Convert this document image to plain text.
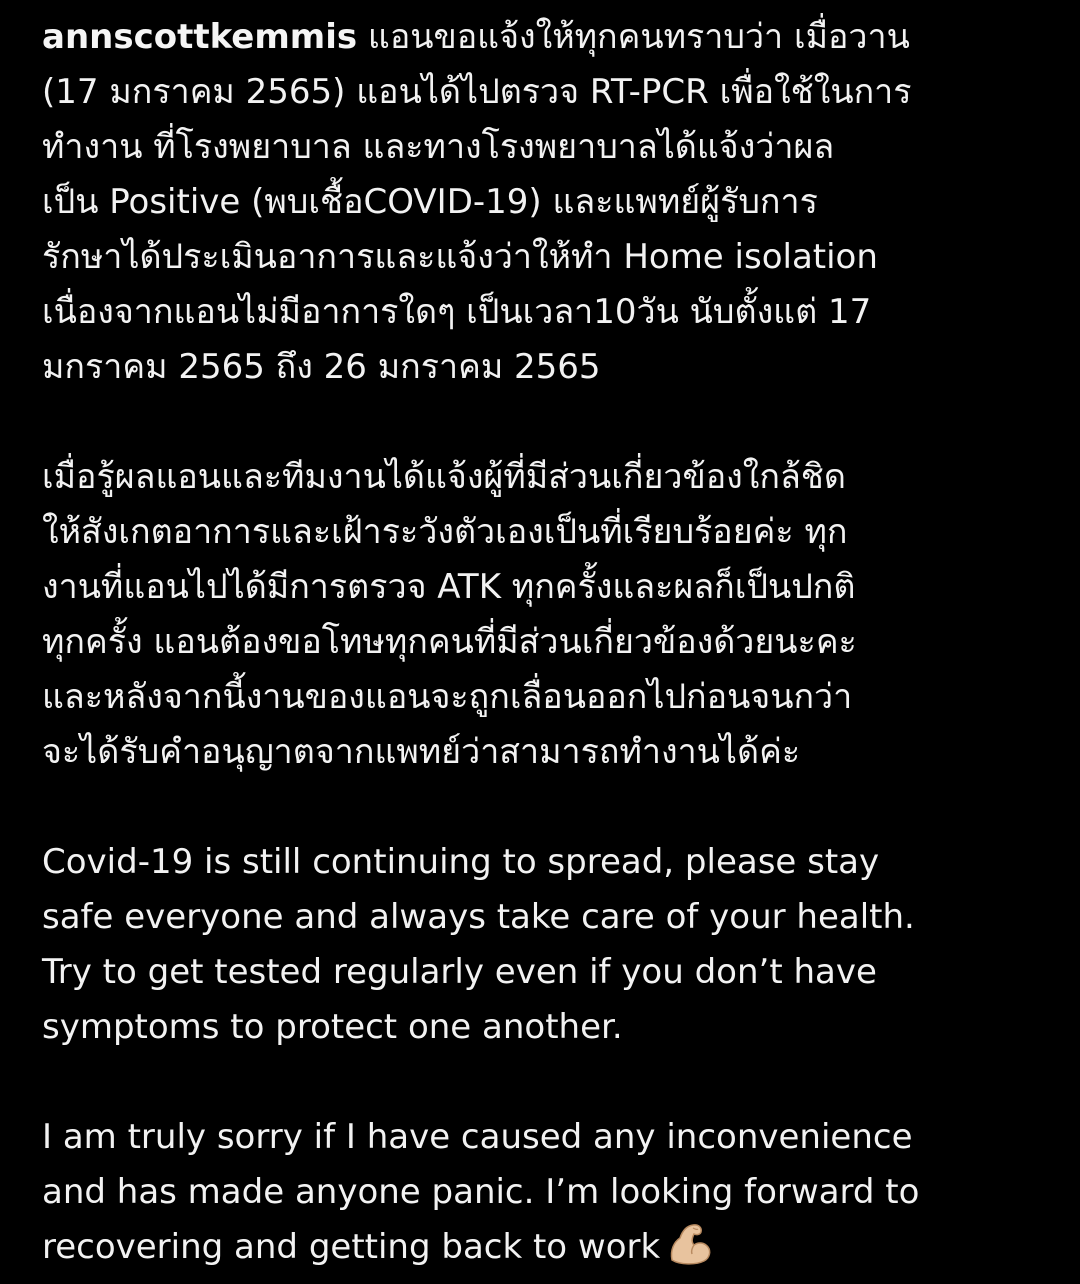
annscottkemmis แอนขอแจ้งให้ทุกคนทราบว่า เมื่อวาน
(17 มกราคม 2565) แอนได้ไปตรวจ RT-PCR เพื่อใช้ในการ
ทำงาน ที่โรงพยาบาล และทางโรงพยาบาลได้แจ้งว่าผล
เป็น Positive (พบเชื้อCOVID-19) และแพทย์ผู้รับการ
รักษาได้ประเมินอาการและแจ้งว่าให้ทำ Home isolation
เนื่องจากแอนไม่มีอาการใดๆ เป็นเวลา10วัน นับตั้งแต่ 17
มกราคม 2565 ถึง 26 มกราคม 2565

เมื่อรู้ผลแอนและทีมงานได้แจ้งผู้ที่มีส่วนเกี่ยวข้องใกล้ชิด
ให้สังเกตอาการและเฝ้าระวังตัวเองเป็นที่เรียบร้อยค่ะ ทุก
งานที่แอนไปได้มีการตรวจ ATK ทุกครั้งและผลก็เป็นปกติ
ทุกครั้ง แอนต้องขอโทษทุกคนที่มีส่วนเกี่ยวข้องด้วยนะคะ
และหลังจากนี้งานของแอนจะถูกเลื่อนออกไปก่อนจนกว่า
จะได้รับคำอนุญาตจากแพทย์ว่าสามารถทำงานได้ค่ะ

Covid-19 is still continuing to spread, please stay
safe everyone and always take care of your health.
Try to get tested regularly even if you don’t have
symptoms to protect one another.

I am truly sorry if I have caused any inconvenience
and has made anyone panic. I’m looking forward to
recovering and getting back to work
